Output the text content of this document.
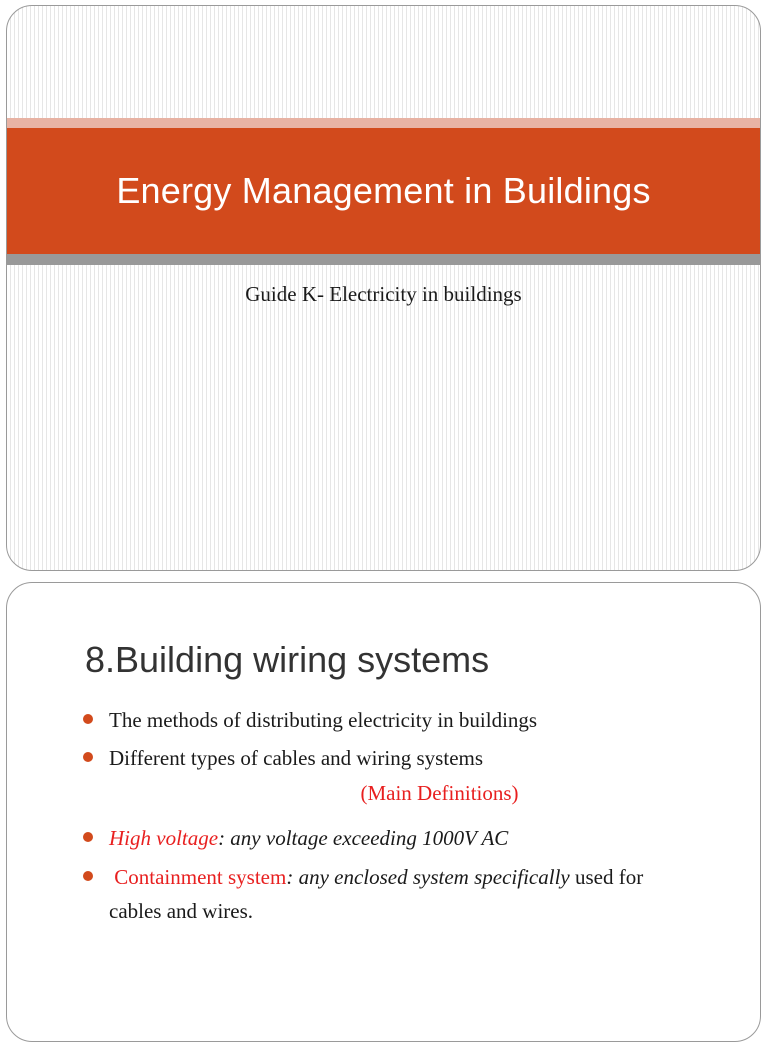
Energy Management in Buildings
Guide K- Electricity in buildings
8.Building wiring systems
The methods of distributing electricity in buildings
Different types of cables and wiring systems
(Main Definitions)
High voltage: any voltage exceeding 1000V AC
Containment system: any enclosed system specifically used for
cables and wires.
